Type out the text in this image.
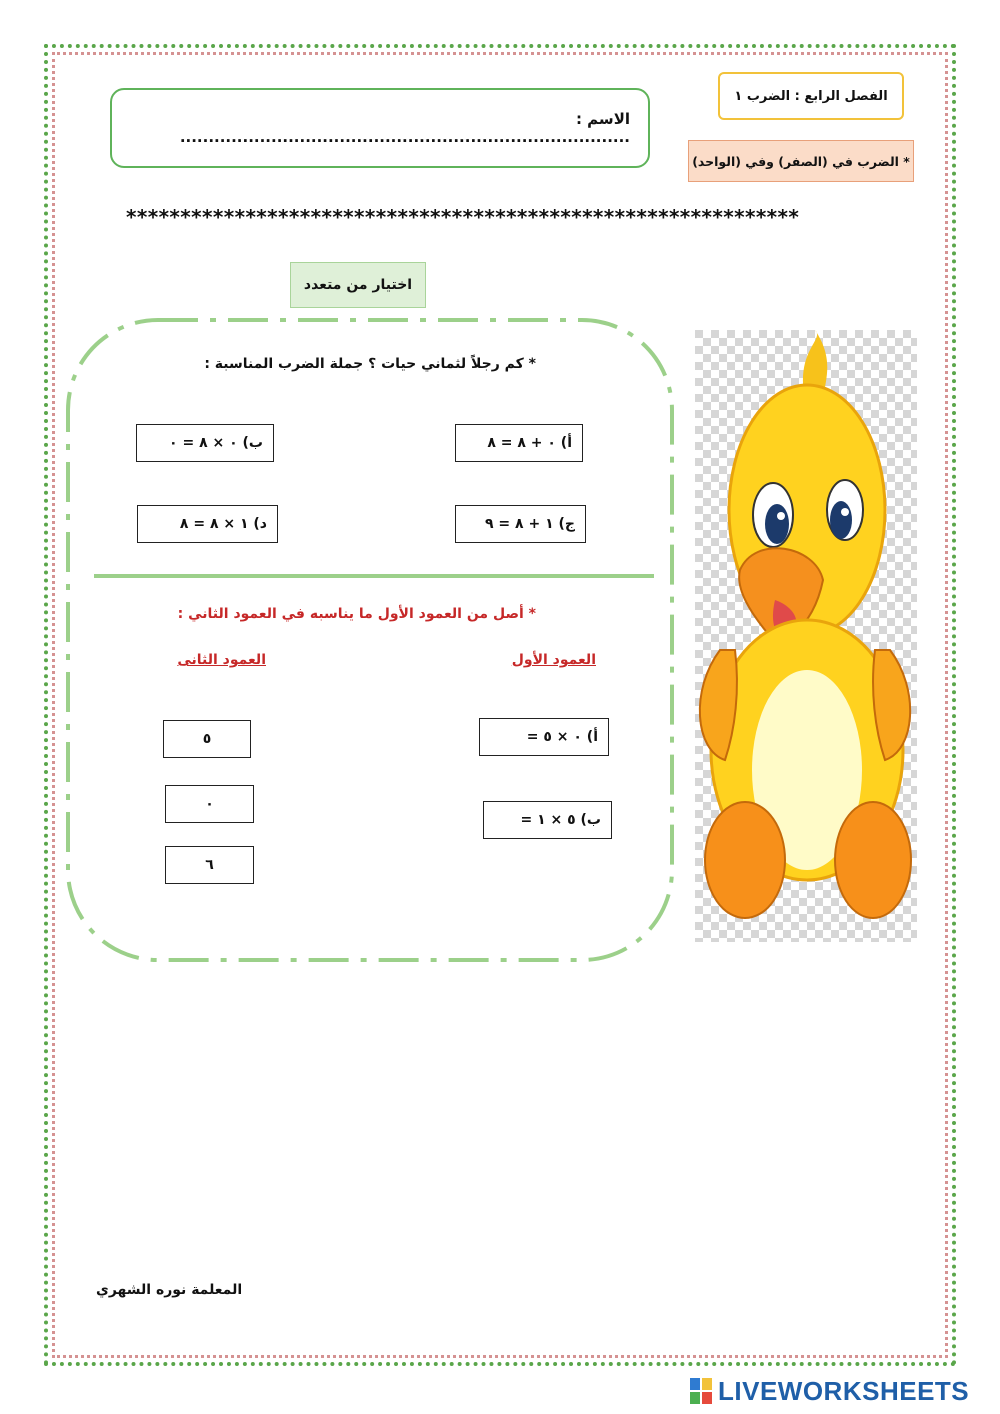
الفصل الرابع : الضرب ١
* الضرب في (الصفر) وفي (الواحد)
الاسم : ...............................................................................
**************************************************************
اختيار من متعدد
* كم رجلاً لثماني حيات ؟ جملة الضرب المناسبة :
أ) ٠ + ٨ = ٨
ب) ٠ × ٨ = ٠
ج) ١ + ٨ = ٩
د) ١ × ٨ = ٨
* أصل من العمود الأول ما يناسبه في العمود الثاني :
العمود الأول
العمود الثانى
أ) ٠ × ٥ =
ب) ٥ × ١ =
٥
٠
٦
المعلمة نوره الشهري
LIVEWORKSHEETS
